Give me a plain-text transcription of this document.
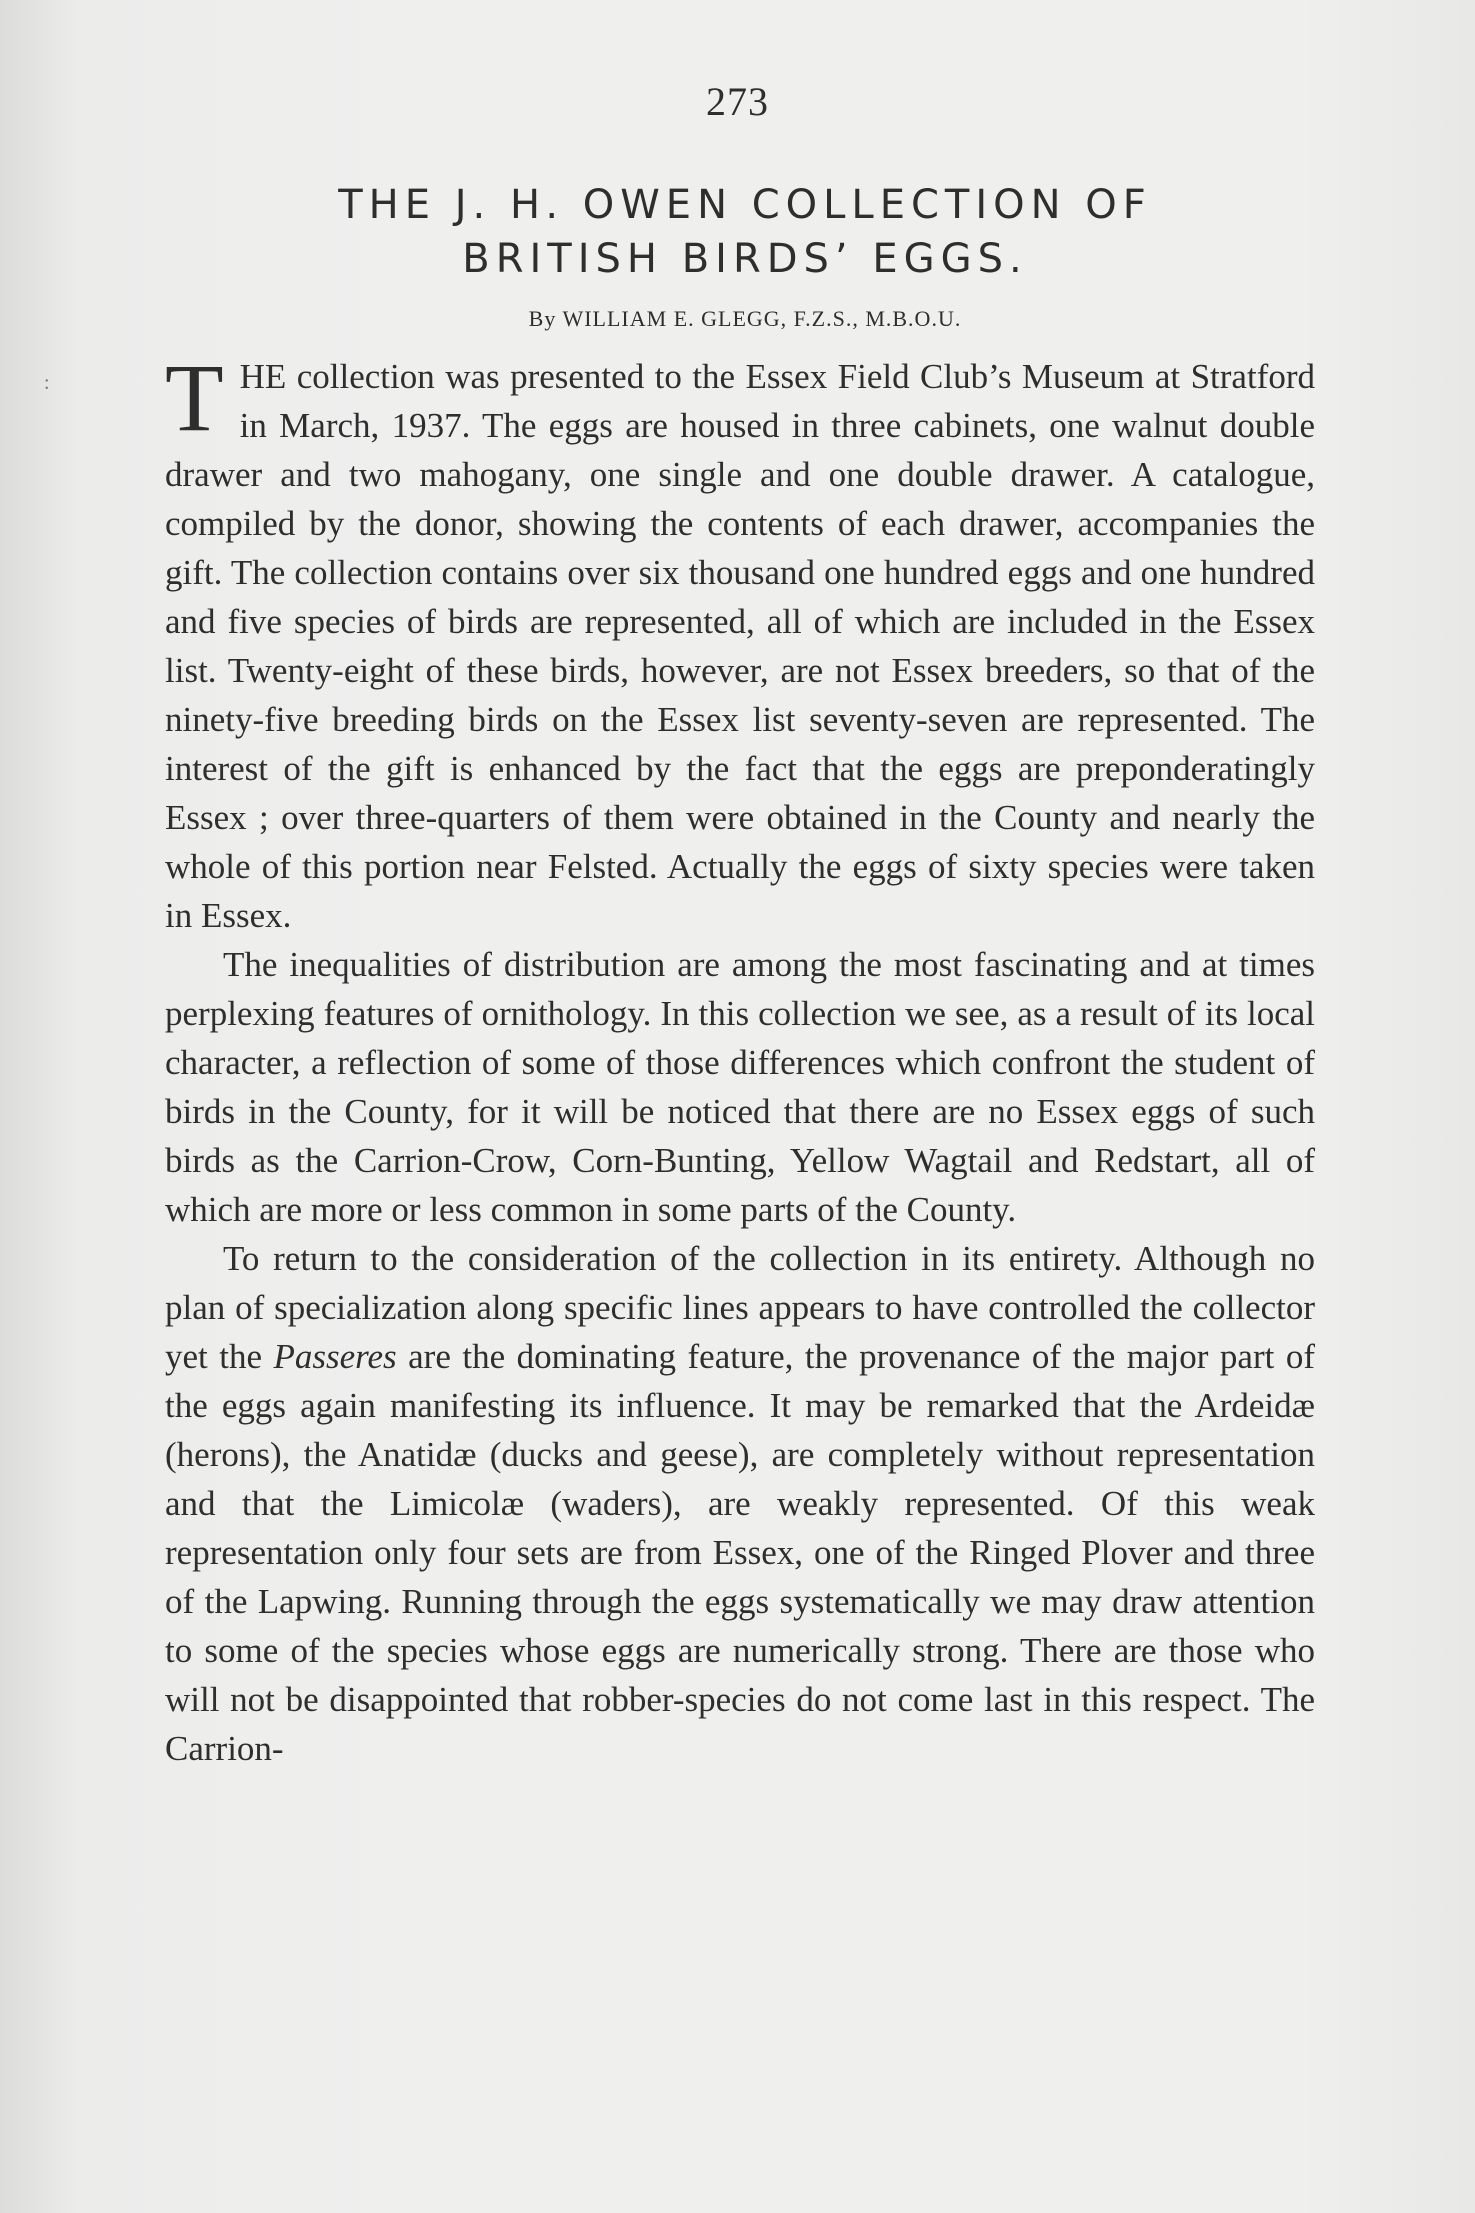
:
273
THE J. H. OWEN COLLECTION OF
BRITISH BIRDS’ EGGS.
By WILLIAM E. GLEGG, F.Z.S., M.B.O.U.

THE collection was presented to the Essex Field Club’s Museum at Stratford in March, 1937. The eggs are housed in three cabinets, one walnut double drawer and two mahogany, one single and one double drawer. A catalogue, compiled by the donor, showing the contents of each drawer, accompanies the gift. The collection contains over six thousand one hundred eggs and one hundred and five species of birds are represented, all of which are included in the Essex list. Twenty-eight of these birds, however, are not Essex breeders, so that of the ninety-five breeding birds on the Essex list seventy-seven are represented. The interest of the gift is enhanced by the fact that the eggs are preponderatingly Essex ; over three-quarters of them were obtained in the County and nearly the whole of this portion near Felsted. Actually the eggs of sixty species were taken in Essex.

The inequalities of distribution are among the most fascinating and at times perplexing features of ornithology. In this collection we see, as a result of its local character, a reflection of some of those differences which confront the student of birds in the County, for it will be noticed that there are no Essex eggs of such birds as the Carrion-Crow, Corn-Bunting, Yellow Wagtail and Redstart, all of which are more or less common in some parts of the County.

To return to the consideration of the collection in its entirety. Although no plan of specialization along specific lines appears to have controlled the collector yet the Passeres are the dominating feature, the provenance of the major part of the eggs again manifesting its influence. It may be remarked that the Ardeidæ (herons), the Anatidæ (ducks and geese), are completely without representation and that the Limicolæ (waders), are weakly represented. Of this weak representation only four sets are from Essex, one of the Ringed Plover and three of the Lapwing. Running through the eggs systematically we may draw attention to some of the species whose eggs are numerically strong. There are those who will not be disappointed that robber-species do not come last in this respect. The Carrion-
